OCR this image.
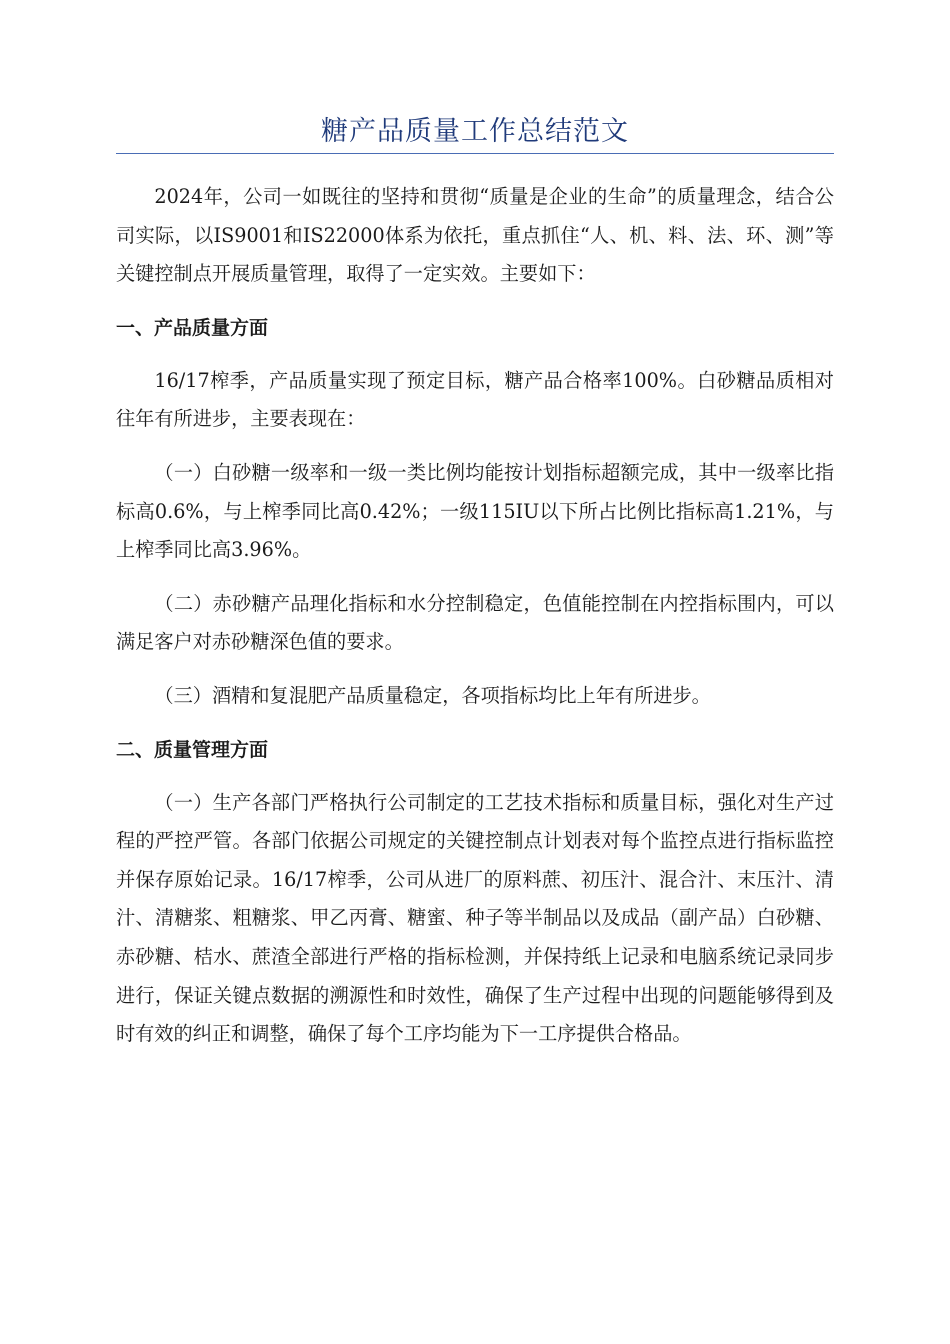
糖产品质量工作总结范文

2024年，公司一如既往的坚持和贯彻“质量是企业的生命”的质量理念，结合公司实际，以IS9001和IS22000体系为依托，重点抓住“人、机、料、法、环、测”等关键控制点开展质量管理，取得了一定实效。主要如下：

一、产品质量方面

16/17榨季，产品质量实现了预定目标，糖产品合格率100%。白砂糖品质相对往年有所进步，主要表现在：

（一）白砂糖一级率和一级一类比例均能按计划指标超额完成，其中一级率比指标高0.6%，与上榨季同比高0.42%；一级115IU以下所占比例比指标高1.21%，与上榨季同比高3.96%。

（二）赤砂糖产品理化指标和水分控制稳定，色值能控制在内控指标围内，可以满足客户对赤砂糖深色值的要求。

（三）酒精和复混肥产品质量稳定，各项指标均比上年有所进步。

二、质量管理方面

（一）生产各部门严格执行公司制定的工艺技术指标和质量目标，强化对生产过程的严控严管。各部门依据公司规定的关键控制点计划表对每个监控点进行指标监控并保存原始记录。16/17榨季，公司从进厂的原料蔗、初压汁、混合汁、末压汁、清汁、清糖浆、粗糖浆、甲乙丙膏、糖蜜、种子等半制品以及成品（副产品）白砂糖、赤砂糖、桔水、蔗渣全部进行严格的指标检测，并保持纸上记录和电脑系统记录同步进行，保证关键点数据的溯源性和时效性，确保了生产过程中出现的问题能够得到及时有效的纠正和调整，确保了每个工序均能为下一工序提供合格品。
